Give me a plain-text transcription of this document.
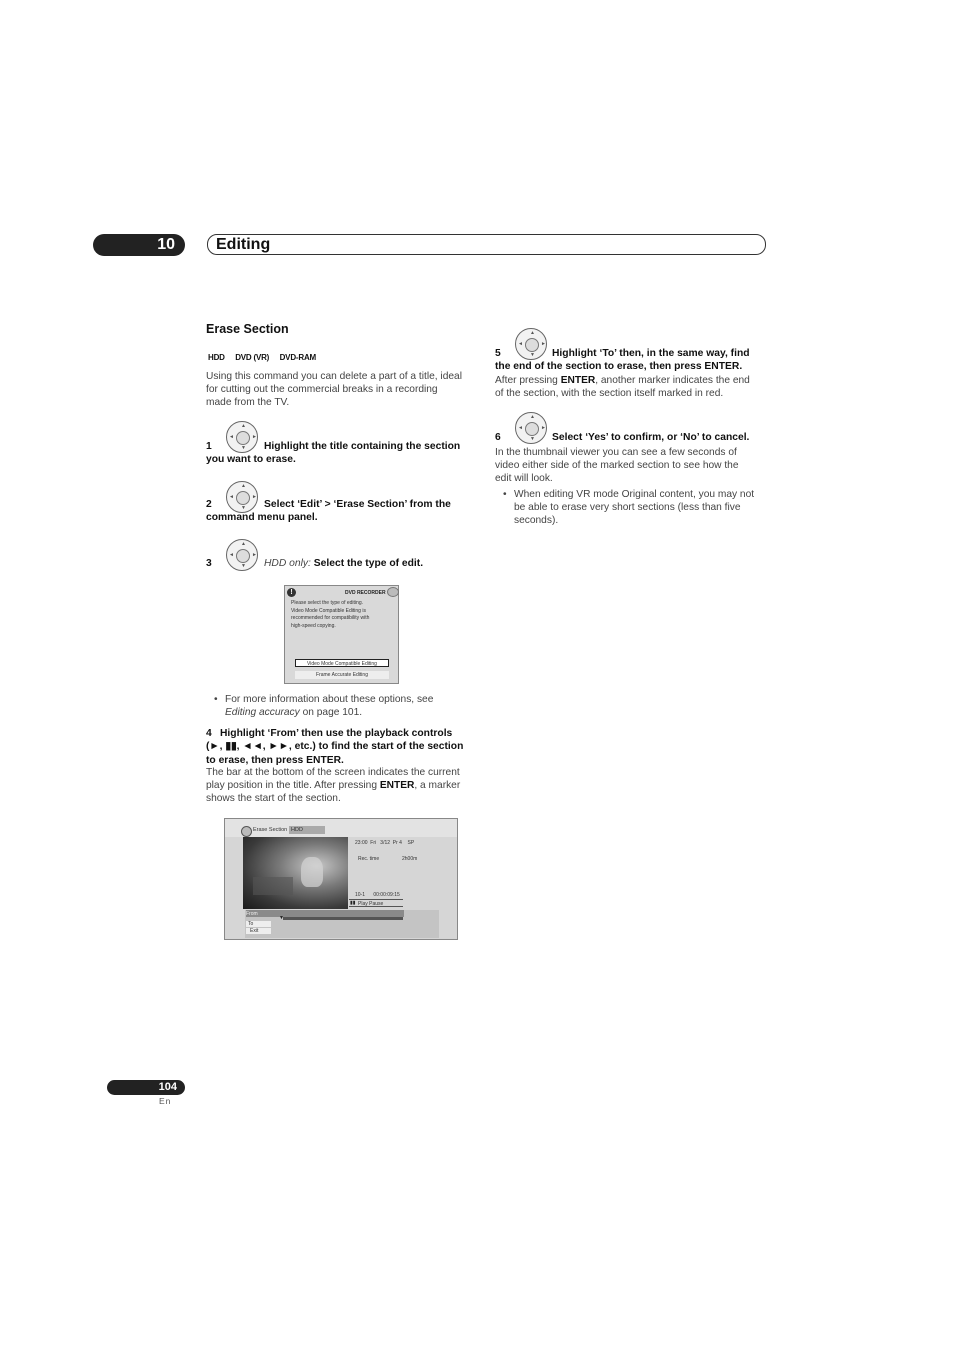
10	Editing
Erase Section
HDD DVD (VR) DVD-RAM
Using this command you can delete a part of a title, ideal
for cutting out the commercial breaks in a recording
made from the TV.
▲
▼
◄	►
1	Highlight the title containing the section
you want to erase.
▲
▼
◄	►
2	Select ‘Edit’ > ‘Erase Section’ from the
command menu panel.
▲
▼
◄	►
3	HDD only: Select the type of edit.
!	DVD RECORDER
Please select the type of editing.
Video Mode Compatible Editing is
recommended for compatibility with
high-speed copying.
Video Mode Compatible Editing
Frame Accurate Editing
• For more information about these options, see
Editing accuracy on page 101.
4 Highlight ‘From’ then use the playback controls
(►, ▮▮, ◄◄, ►►, etc.) to find the start of the section
to erase, then press ENTER.
The bar at the bottom of the screen indicates the current
play position in the title. After pressing ENTER, a marker
shows the start of the section.
Erase Section HDD
23:00  Fri   3/12  Pr 4    SP
Rec. time	2h00m
10-1      00:00:09:15
▮▮ Play Pause
From
▼
To
Exit
▲
▼
◄	►
5	Highlight ‘To’ then, in the same way, find
the end of the section to erase, then press ENTER.
After pressing ENTER, another marker indicates the end
of the section, with the section itself marked in red.
▲
▼
◄	►
6	Select ‘Yes’ to confirm, or ‘No’ to cancel.
In the thumbnail viewer you can see a few seconds of
video either side of the marked section to see how the
edit will look.
• When editing VR mode Original content, you may not
be able to erase very short sections (less than five
seconds).
104
En
